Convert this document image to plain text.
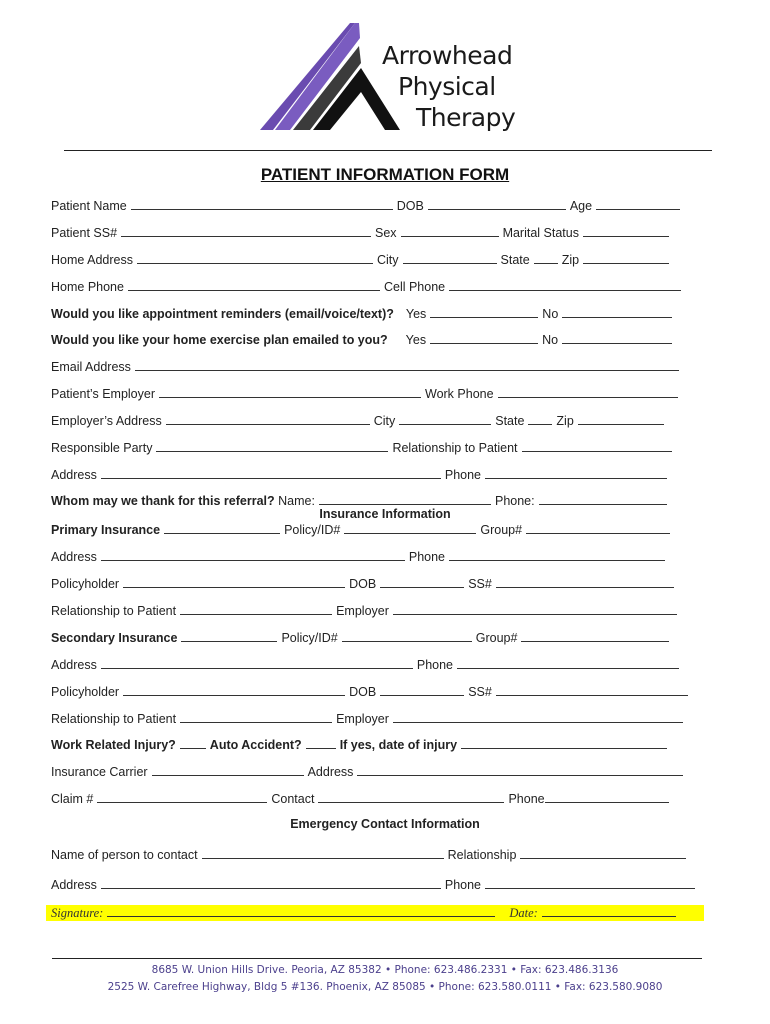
Arrowhead
Physical
Therapy
PATIENT INFORMATION FORM
Patient Name	DOB	Age
Patient SS#	Sex	Marital Status
Home Address	City	State	Zip
Home Phone	Cell Phone
Would you like appointment reminders (email/voice/text)? Yes	No
Would you like your home exercise plan emailed to you? Yes	No
Email Address
Patient’s Employer	Work Phone
Employer’s Address	City	State	Zip
Responsible Party	Relationship to Patient
Address	Phone
Whom may we thank for this referral? Name:	Phone:
Insurance Information
Primary Insurance	Policy/ID#	Group#
Address	Phone
Policyholder	DOB	SS#
Relationship to Patient	Employer
Secondary Insurance	Policy/ID#	Group#
Address	Phone
Policyholder	DOB	SS#
Relationship to Patient	Employer
Work Related Injury?	Auto Accident?	If yes, date of injury
Insurance Carrier	Address
Claim #	Contact	Phone
Emergency Contact Information
Name of person to contact	Relationship
Address	Phone
Signature:	Date:
8685 W. Union Hills Drive. Peoria, AZ 85382 • Phone: 623.486.2331 • Fax: 623.486.3136
2525 W. Carefree Highway, Bldg 5 #136. Phoenix, AZ 85085 • Phone: 623.580.0111 • Fax: 623.580.9080
